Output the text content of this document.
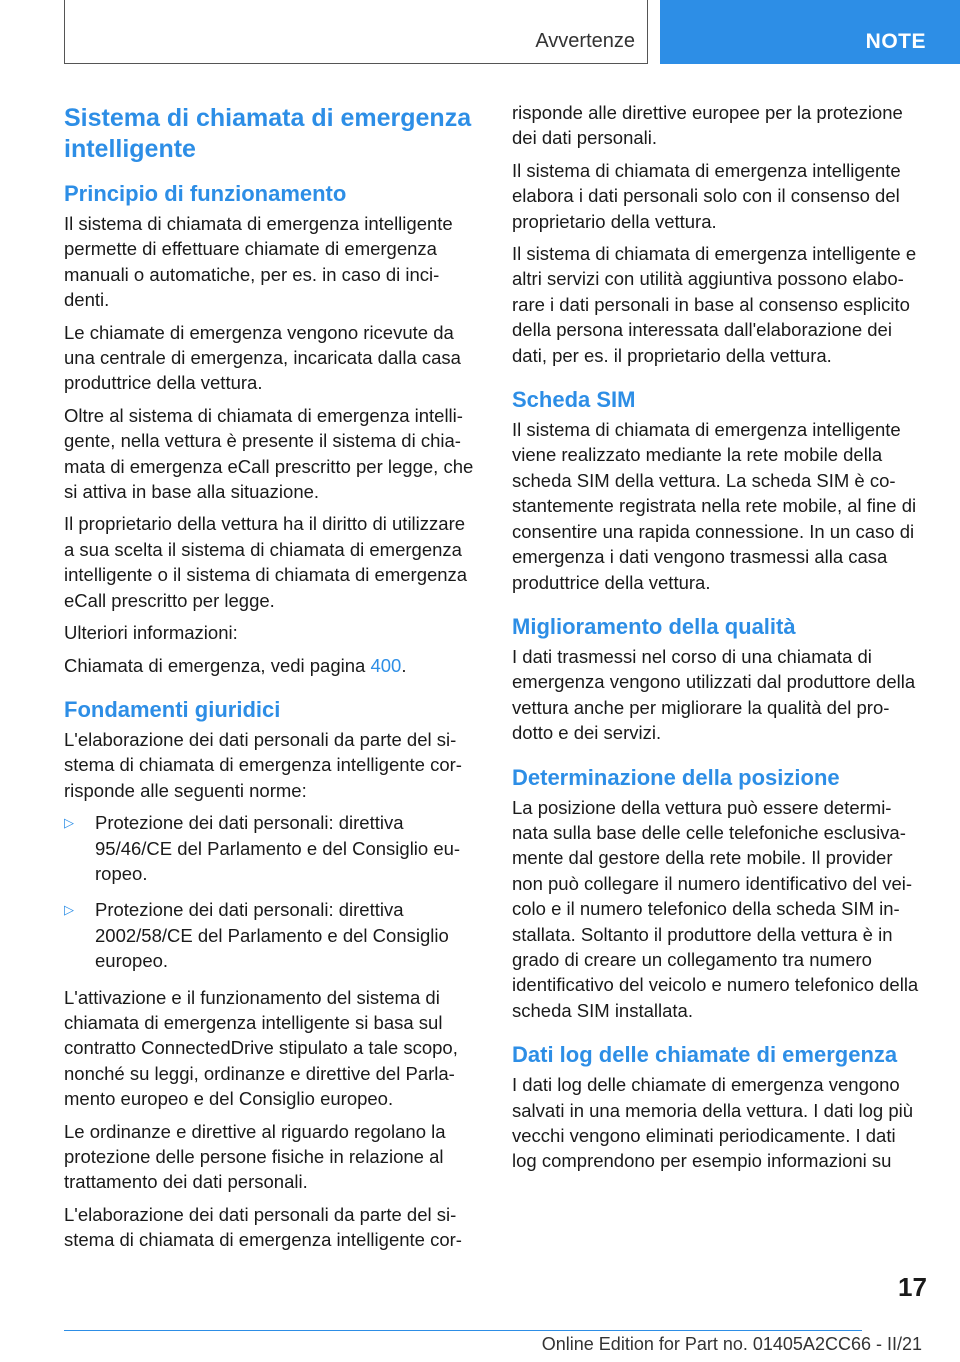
Avvertenze	NOTE
Sistema di chiamata di emergenza intelligente
Principio di funzionamento

Il sistema di chiamata di emergenza intelligente permette di effettuare chiamate di emergenza manuali o automatiche, per es. in caso di inci-denti.

Le chiamate di emergenza vengono ricevute da una centrale di emergenza, incaricata dalla casa produttrice della vettura.

Oltre al sistema di chiamata di emergenza intelli-gente, nella vettura è presente il sistema di chia-mata di emergenza eCall prescritto per legge, che si attiva in base alla situazione.

Il proprietario della vettura ha il diritto di utilizzare a sua scelta il sistema di chiamata di emergenza intelligente o il sistema di chiamata di emergenza eCall prescritto per legge.

Ulteriori informazioni:

Chiamata di emergenza, vedi pagina 400.

Fondamenti giuridici

L'elaborazione dei dati personali da parte del si-stema di chiamata di emergenza intelligente cor-risponde alle seguenti norme:

▷ Protezione dei dati personali: direttiva 95/46/CE del Parlamento e del Consiglio eu-ropeo.
▷ Protezione dei dati personali: direttiva 2002/58/CE del Parlamento e del Consiglio europeo.

L'attivazione e il funzionamento del sistema di chiamata di emergenza intelligente si basa sul contratto ConnectedDrive stipulato a tale scopo, nonché su leggi, ordinanze e direttive del Parla-mento europeo e del Consiglio europeo.

Le ordinanze e direttive al riguardo regolano la protezione delle persone fisiche in relazione al trattamento dei dati personali.

L'elaborazione dei dati personali da parte del si-stema di chiamata di emergenza intelligente cor-

risponde alle direttive europee per la protezione dei dati personali.

Il sistema di chiamata di emergenza intelligente elabora i dati personali solo con il consenso del proprietario della vettura.

Il sistema di chiamata di emergenza intelligente e altri servizi con utilità aggiuntiva possono elabo-rare i dati personali in base al consenso esplicito della persona interessata dall'elaborazione dei dati, per es. il proprietario della vettura.

Scheda SIM

Il sistema di chiamata di emergenza intelligente viene realizzato mediante la rete mobile della scheda SIM della vettura. La scheda SIM è co-stantemente registrata nella rete mobile, al fine di consentire una rapida connessione. In un caso di emergenza i dati vengono trasmessi alla casa produttrice della vettura.

Miglioramento della qualità

I dati trasmessi nel corso di una chiamata di emergenza vengono utilizzati dal produttore della vettura anche per migliorare la qualità del pro-dotto e dei servizi.

Determinazione della posizione

La posizione della vettura può essere determi-nata sulla base delle celle telefoniche esclusiva-mente dal gestore della rete mobile. Il provider non può collegare il numero identificativo del vei-colo e il numero telefonico della scheda SIM in-stallata. Soltanto il produttore della vettura è in grado di creare un collegamento tra numero identificativo del veicolo e numero telefonico della scheda SIM installata.

Dati log delle chiamate di emergenza

I dati log delle chiamate di emergenza vengono salvati in una memoria della vettura. I dati log più vecchi vengono eliminati periodicamente. I dati log comprendono per esempio informazioni su

17
Online Edition for Part no. 01405A2CC66 - II/21
